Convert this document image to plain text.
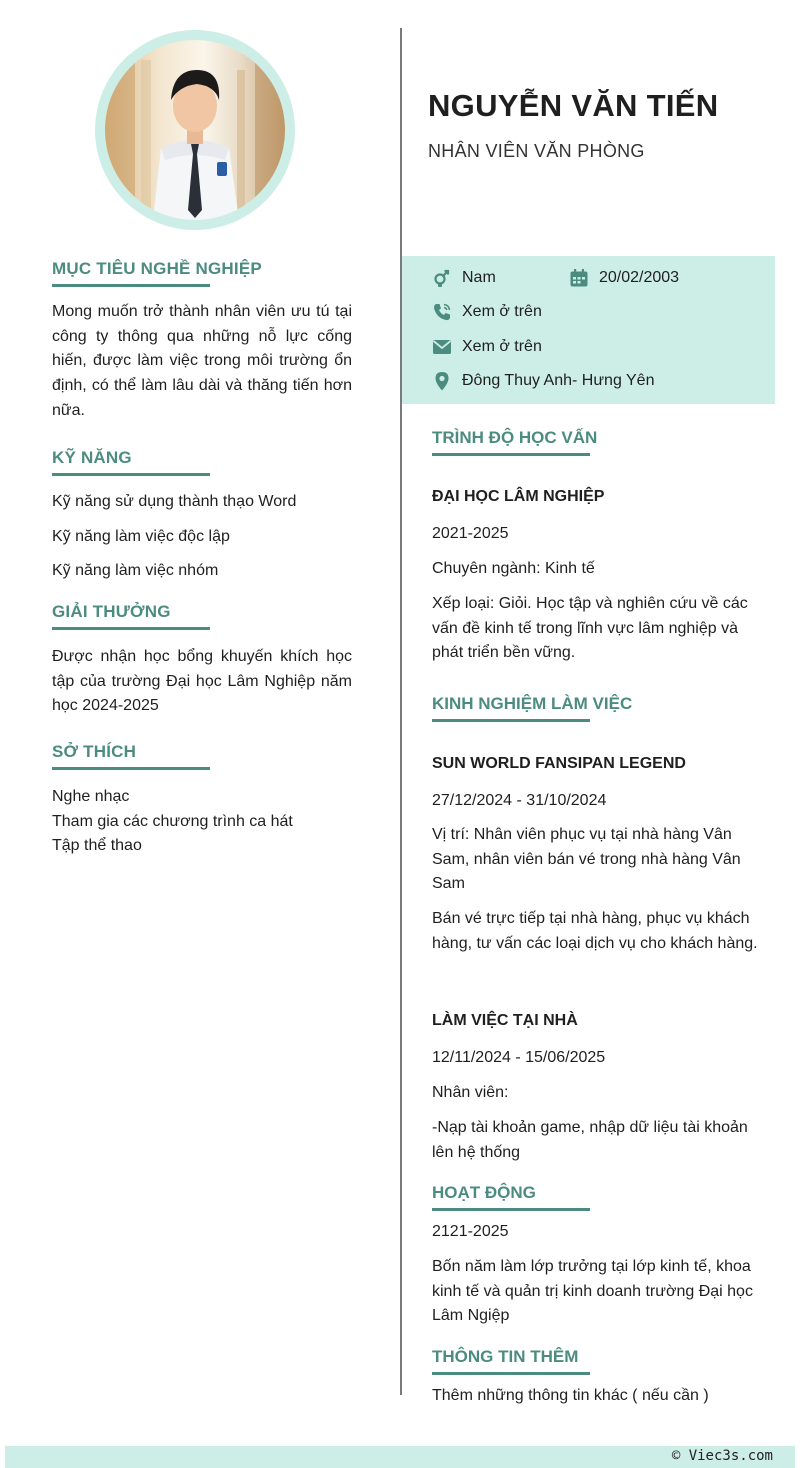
MỤC TIÊU NGHỀ NGHIỆP
Mong muốn trở thành nhân viên ưu tú tại công ty thông qua những nỗ lực cống hiến, được làm việc trong môi trường ổn định, có thể làm lâu dài và thăng tiến hơn nữa.
KỸ NĂNG
Kỹ năng sử dụng thành thạo Word
Kỹ năng làm việc độc lập
Kỹ năng làm việc nhóm
GIẢI THƯỞNG
Được nhận học bổng khuyến khích học tập của trường Đại học Lâm Nghiệp năm học 2024-2025
SỞ THÍCH
Nghe nhạc
Tham gia các chương trình ca hát
Tập thể thao
NGUYỄN VĂN TIẾN
NHÂN VIÊN VĂN PHÒNG
Nam	20/02/2003
Xem ở trên
Xem ở trên
Đông Thuy Anh- Hưng Yên
TRÌNH ĐỘ HỌC VẤN
ĐẠI HỌC LÂM NGHIỆP
2021-2025
Chuyên ngành: Kinh tế
Xếp loại: Giỏi. Học tập và nghiên cứu về các vấn đề kinh tế trong lĩnh vực lâm nghiệp và phát triển bền vững.
KINH NGHIỆM LÀM VIỆC
SUN WORLD FANSIPAN LEGEND
27/12/2024 - 31/10/2024
Vị trí: Nhân viên phục vụ tại nhà hàng Vân Sam, nhân viên bán vé trong nhà hàng Vân Sam
Bán vé trực tiếp tại nhà hàng, phục vụ khách hàng, tư vấn các loại dịch vụ cho khách hàng.
LÀM VIỆC TẠI NHÀ
12/11/2024 - 15/06/2025
Nhân viên:
-Nạp tài khoản game, nhập dữ liệu tài khoản lên hệ thống
HOẠT ĐỘNG
2121-2025
Bốn năm làm lớp trưởng tại lớp kinh tế, khoa kinh tế và quản trị kinh doanh trường Đại học Lâm Ngiệp
THÔNG TIN THÊM
Thêm những thông tin khác ( nếu cần )
© Viec3s.com
